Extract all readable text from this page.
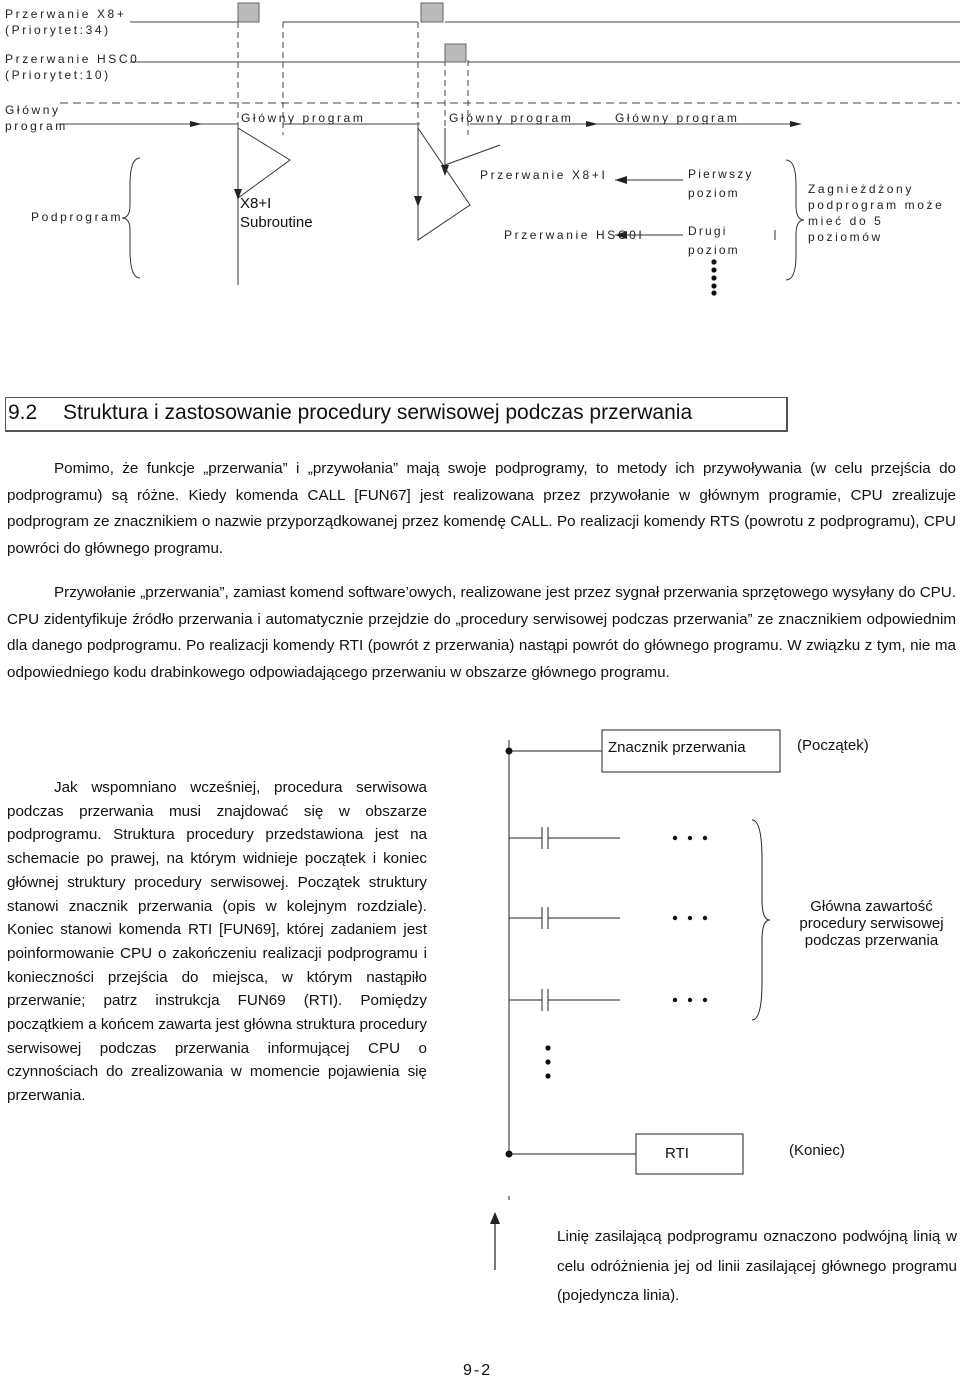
Przerwanie X8+
(Priorytet:34)
Przerwanie HSC0
(Priorytet:10)
Główny
program
Główny program	Główny program	Główny program
Podprogram
X8+I
Subroutine
Przerwanie X8+I
Przerwanie HSC0I
Pierwszy
poziom
Drugi
poziom
Zagnieżdżony
podprogram może
mieć do 5
poziomów
9.2 Struktura i zastosowanie procedury serwisowej podczas przerwania
Pomimo, że funkcje „przerwania” i „przywołania” mają swoje podprogramy, to metody ich przywoływania (w celu przejścia do podprogramu) są różne. Kiedy komenda CALL [FUN67] jest realizowana przez przywołanie w głównym programie, CPU zrealizuje podprogram ze znacznikiem o nazwie przyporządkowanej przez komendę CALL. Po realizacji komendy RTS (powrotu z podprogramu), CPU powróci do głównego programu.
Przywołanie „przerwania”, zamiast komend software’owych, realizowane jest przez sygnał przerwania sprzętowego wysyłany do CPU. CPU zidentyfikuje źródło przerwania i automatycznie przejdzie do „procedury serwisowej podczas przerwania” ze znacznikiem odpowiednim dla danego podprogramu. Po realizacji komendy RTI (powrót z przerwania) nastąpi powrót do głównego programu. W związku z tym, nie ma odpowiedniego kodu drabinkowego odpowiadającego przerwaniu w obszarze głównego programu.
Jak wspomniano wcześniej, procedura serwisowa podczas przerwania musi znajdować się w obszarze podprogramu. Struktura procedury przedstawiona jest na schemacie po prawej, na którym widnieje początek i koniec głównej struktury procedury serwisowej. Początek struktury stanowi znacznik przerwania (opis w kolejnym rozdziale). Koniec stanowi komenda RTI [FUN69], której zadaniem jest poinformowanie CPU o zakończeniu realizacji podprogramu i konieczności przejścia do miejsca, w którym nastąpiło przerwanie; patrz instrukcja FUN69 (RTI). Pomiędzy początkiem a końcem zawarta jest główna struktura procedury serwisowej podczas przerwania informującej CPU o czynnościach do zrealizowania w momencie pojawienia się przerwania.
Znacznik przerwania	(Początek)
Główna zawartość
procedury serwisowej
podczas przerwania
RTI	(Koniec)
Linię zasilającą podprogramu oznaczono podwójną linią w celu odróżnienia jej od linii zasilającej głównego programu (pojedyncza linia).
9-2
